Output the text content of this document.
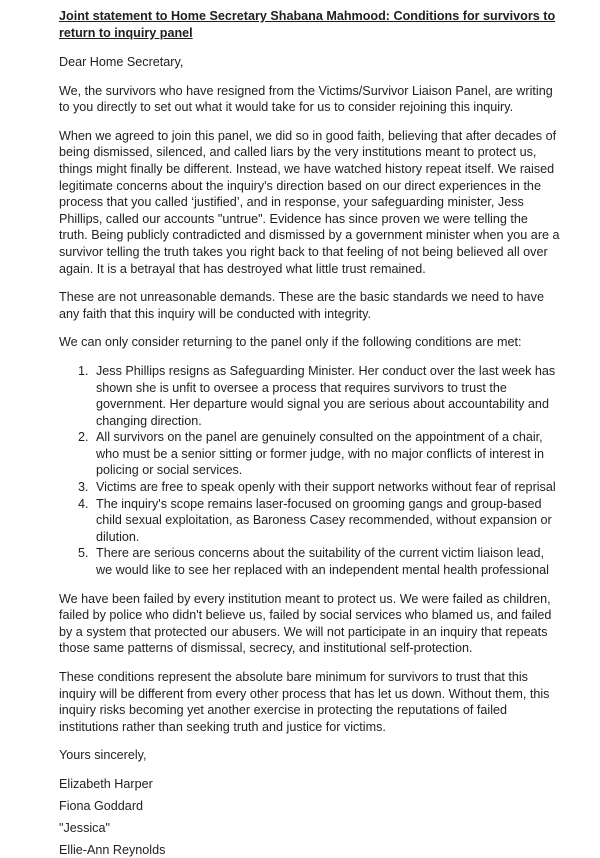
Joint statement to Home Secretary Shabana Mahmood: Conditions for survivors to return to inquiry panel

Dear Home Secretary,

We, the survivors who have resigned from the Victims/Survivor Liaison Panel, are writing to you directly to set out what it would take for us to consider rejoining this inquiry.

When we agreed to join this panel, we did so in good faith, believing that after decades of being dismissed, silenced, and called liars by the very institutions meant to protect us, things might finally be different. Instead, we have watched history repeat itself. We raised legitimate concerns about the inquiry's direction based on our direct experiences in the process that you called ‘justified’, and in response, your safeguarding minister, Jess Phillips, called our accounts "untrue". Evidence has since proven we were telling the truth. Being publicly contradicted and dismissed by a government minister when you are a survivor telling the truth takes you right back to that feeling of not being believed all over again. It is a betrayal that has destroyed what little trust remained.

These are not unreasonable demands. These are the basic standards we need to have any faith that this inquiry will be conducted with integrity.

We can only consider returning to the panel only if the following conditions are met:

1. Jess Phillips resigns as Safeguarding Minister. Her conduct over the last week has shown she is unfit to oversee a process that requires survivors to trust the government. Her departure would signal you are serious about accountability and changing direction.
2. All survivors on the panel are genuinely consulted on the appointment of a chair, who must be a senior sitting or former judge, with no major conflicts of interest in policing or social services.
3. Victims are free to speak openly with their support networks without fear of reprisal
4. The inquiry's scope remains laser-focused on grooming gangs and group-based child sexual exploitation, as Baroness Casey recommended, without expansion or dilution.
5. There are serious concerns about the suitability of the current victim liaison lead, we would like to see her replaced with an independent mental health professional

We have been failed by every institution meant to protect us. We were failed as children, failed by police who didn't believe us, failed by social services who blamed us, and failed by a system that protected our abusers. We will not participate in an inquiry that repeats those same patterns of dismissal, secrecy, and institutional self-protection.

These conditions represent the absolute bare minimum for survivors to trust that this inquiry will be different from every other process that has let us down. Without them, this inquiry risks becoming yet another exercise in protecting the reputations of failed institutions rather than seeking truth and justice for victims.

Yours sincerely,

Elizabeth Harper
Fiona Goddard
"Jessica"
Ellie-Ann Reynolds
